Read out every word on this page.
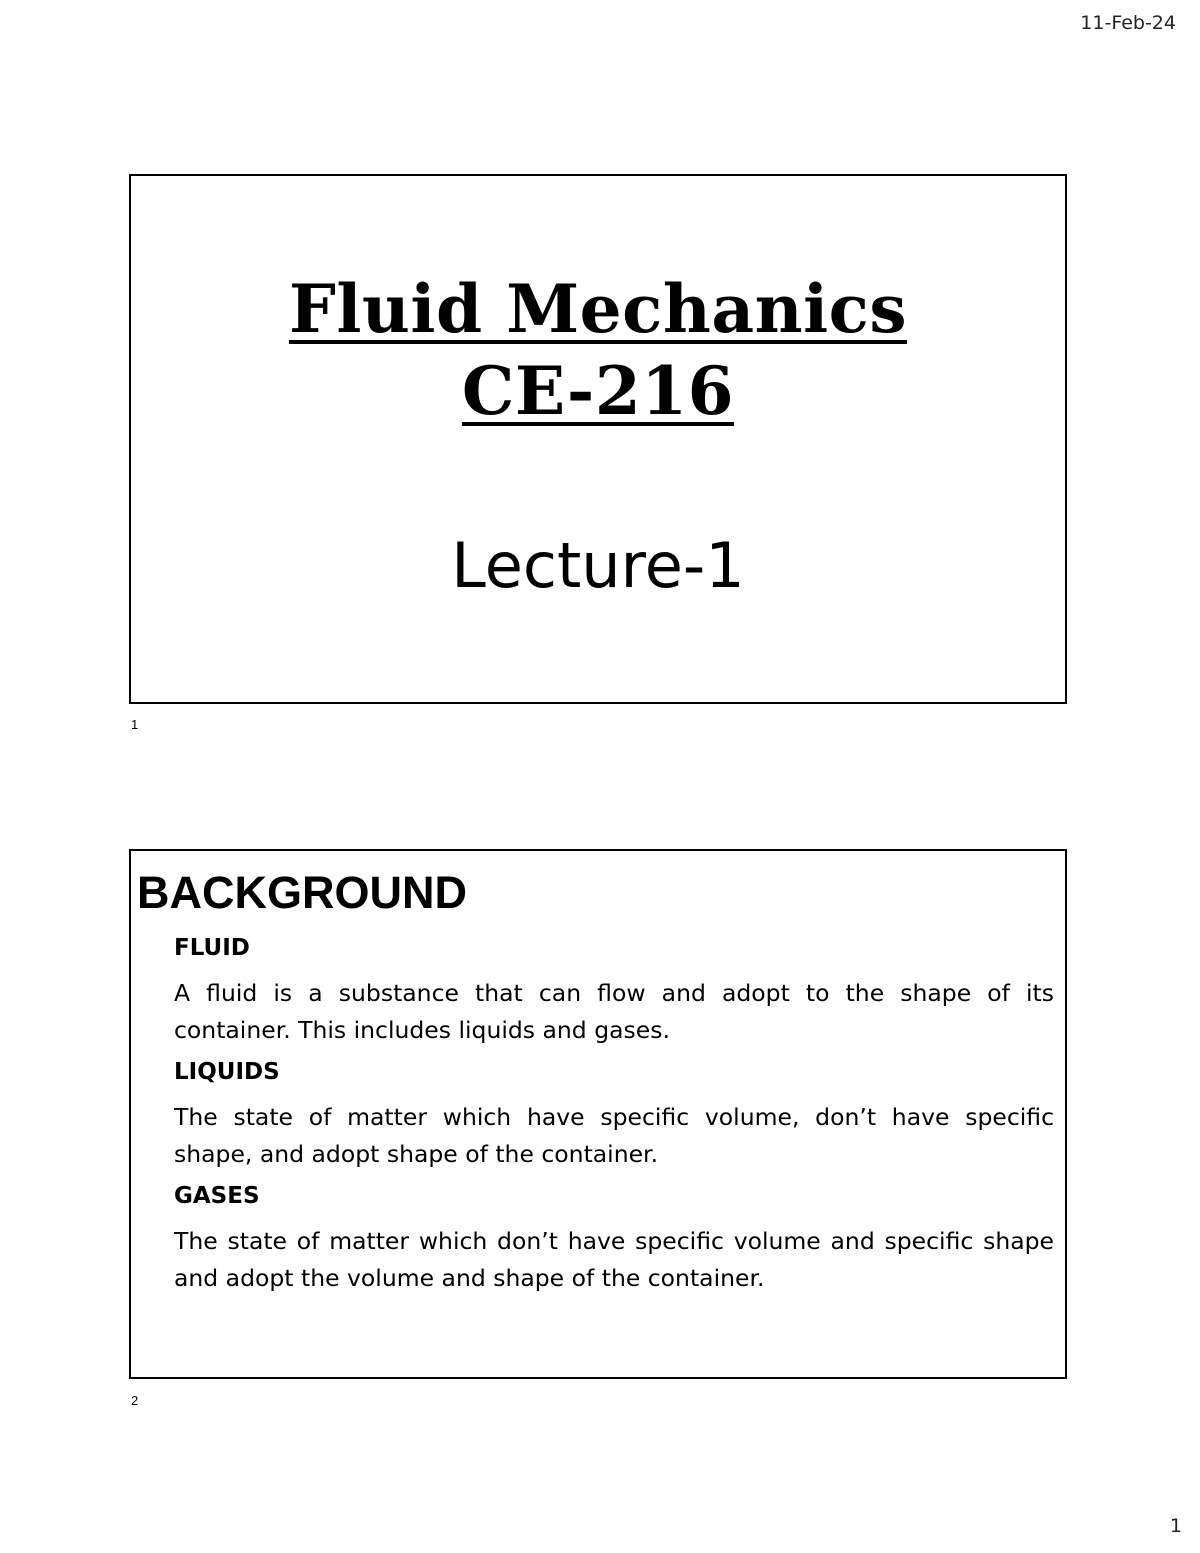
11-Feb-24
Fluid Mechanics
CE-216
Lecture-1
1
BACKGROUND
FLUID
A fluid is a substance that can flow and adopt to the shape of its container. This includes liquids and gases.
LIQUIDS
The state of matter which have specific volume, don’t have specific shape, and adopt shape of the container.
GASES
The state of matter which don’t have specific volume and specific shape and adopt the volume and shape of the container.
2
1
